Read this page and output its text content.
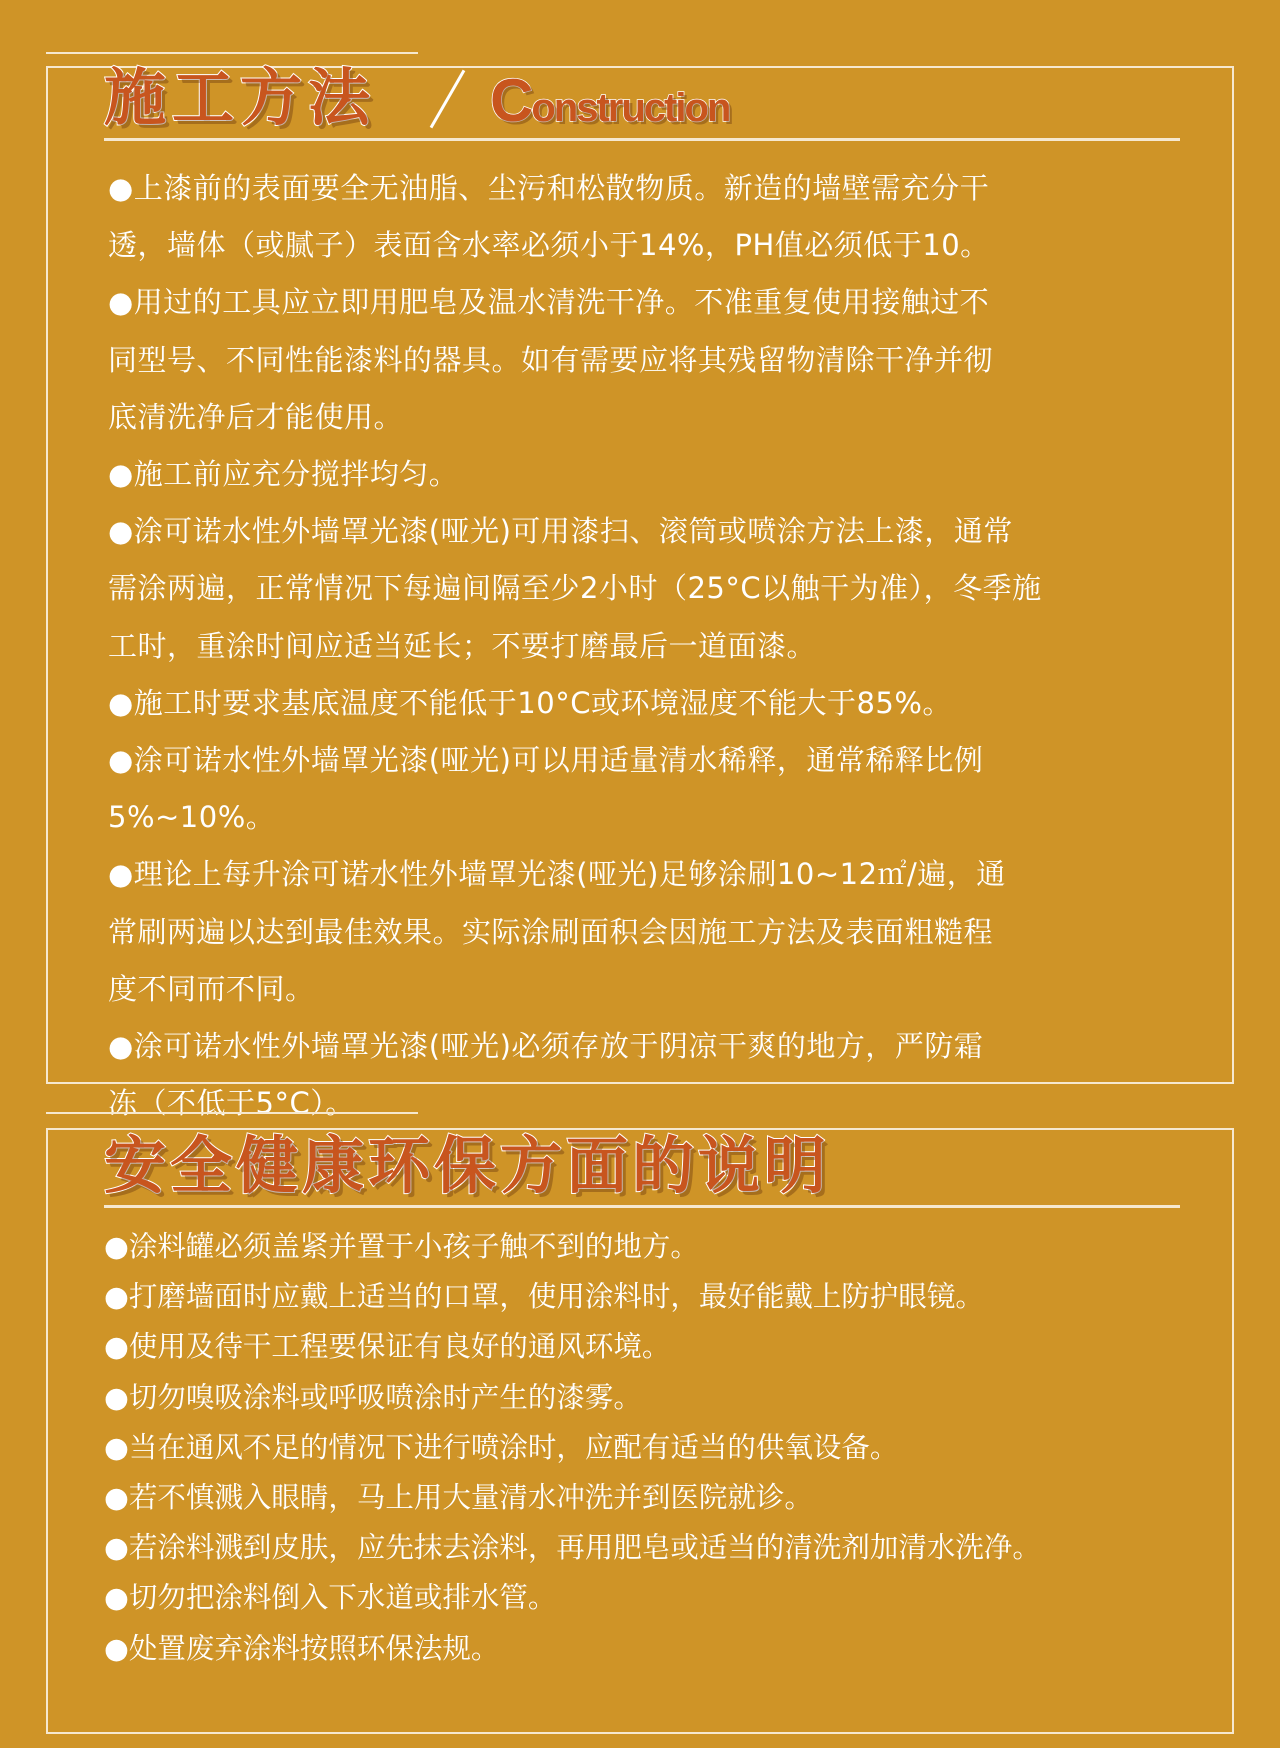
施工方法 Construction
●上漆前的表面要全无油脂、尘污和松散物质。新造的墙壁需充分干
透，墙体（或腻子）表面含水率必须小于14%，PH值必须低于10。
●用过的工具应立即用肥皂及温水清洗干净。不准重复使用接触过不
同型号、不同性能漆料的器具。如有需要应将其残留物清除干净并彻
底清洗净后才能使用。
●施工前应充分搅拌均匀。
●涂可诺水性外墙罩光漆(哑光)可用漆扫、滚筒或喷涂方法上漆，通常
需涂两遍，正常情况下每遍间隔至少2小时（25°C以触干为准），冬季施
工时，重涂时间应适当延长；不要打磨最后一道面漆。
●施工时要求基底温度不能低于10°C或环境湿度不能大于85%。
●涂可诺水性外墙罩光漆(哑光)可以用适量清水稀释，通常稀释比例
5%~10%。
●理论上每升涂可诺水性外墙罩光漆(哑光)足够涂刷10~12㎡/遍，通
常刷两遍以达到最佳效果。实际涂刷面积会因施工方法及表面粗糙程
度不同而不同。
●涂可诺水性外墙罩光漆(哑光)必须存放于阴凉干爽的地方，严防霜
冻（不低于5°C）。
安全健康环保方面的说明
●涂料罐必须盖紧并置于小孩子触不到的地方。
●打磨墙面时应戴上适当的口罩，使用涂料时，最好能戴上防护眼镜。
●使用及待干工程要保证有良好的通风环境。
●切勿嗅吸涂料或呼吸喷涂时产生的漆雾。
●当在通风不足的情况下进行喷涂时，应配有适当的供氧设备。
●若不慎溅入眼睛，马上用大量清水冲洗并到医院就诊。
●若涂料溅到皮肤，应先抹去涂料，再用肥皂或适当的清洗剂加清水洗净。
●切勿把涂料倒入下水道或排水管。
●处置废弃涂料按照环保法规。
